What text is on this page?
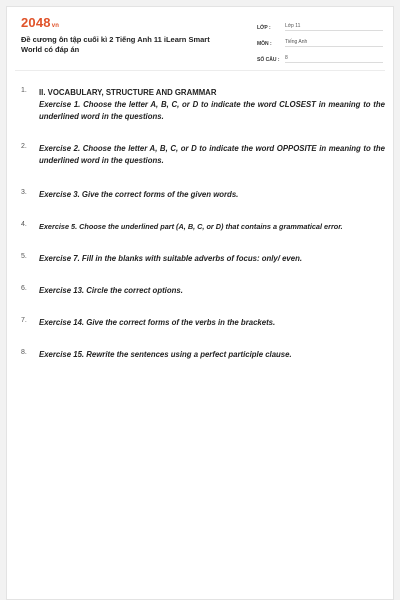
2048vn
Đề cương ôn tập cuối kì 2 Tiếng Anh 11 iLearn Smart
World có đáp án
LỚP :	Lớp 11
MÔN :	Tiếng Anh
SỐ CÂU :	8
1. II. VOCABULARY, STRUCTURE AND GRAMMAR
Exercise 1. Choose the letter A, B, C, or D to indicate the word CLOSEST in meaning to the underlined word in the questions.
2. Exercise 2. Choose the letter A, B, C, or D to indicate the word OPPOSITE in meaning to the underlined word in the questions.
3. Exercise 3. Give the correct forms of the given words.
4. Exercise 5. Choose the underlined part (A, B, C, or D) that contains a grammatical error.
5. Exercise 7. Fill in the blanks with suitable adverbs of focus: only/ even.
6. Exercise 13. Circle the correct options.
7. Exercise 14. Give the correct forms of the verbs in the brackets.
8. Exercise 15. Rewrite the sentences using a perfect participle clause.
